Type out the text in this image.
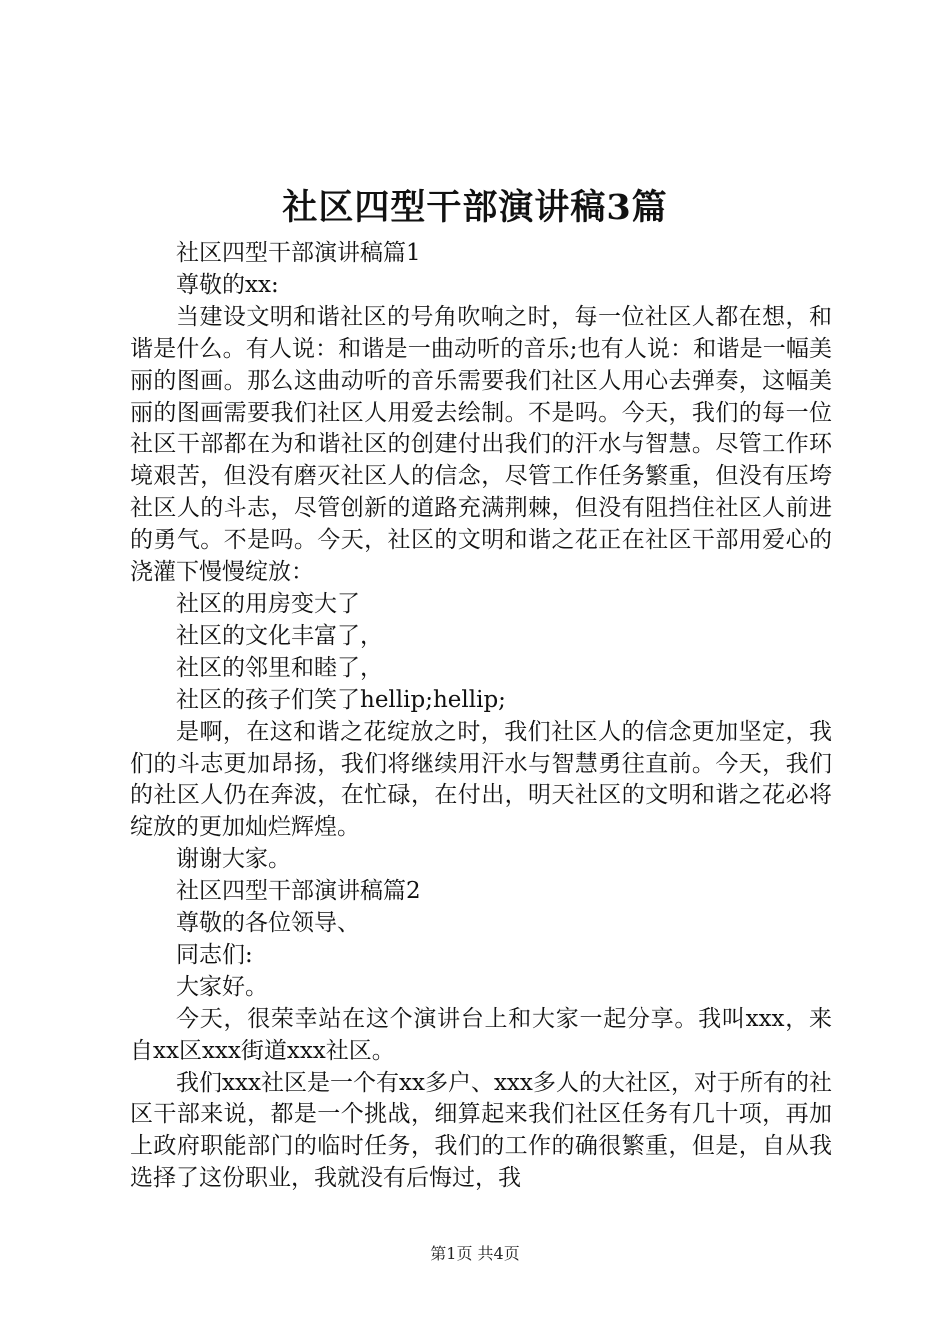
社区四型干部演讲稿3篇

社区四型干部演讲稿篇1

尊敬的xx:

当建设文明和谐社区的号角吹响之时，每一位社区人都在想，和谐是什么。有人说：和谐是一曲动听的音乐;也有人说：和谐是一幅美丽的图画。那么这曲动听的音乐需要我们社区人用心去弹奏，这幅美丽的图画需要我们社区人用爱去绘制。不是吗。今天，我们的每一位社区干部都在为和谐社区的创建付出我们的汗水与智慧。尽管工作环境艰苦，但没有磨灭社区人的信念，尽管工作任务繁重，但没有压垮社区人的斗志，尽管创新的道路充满荆棘，但没有阻挡住社区人前进的勇气。不是吗。今天，社区的文明和谐之花正在社区干部用爱心的浇灌下慢慢绽放：

社区的用房变大了

社区的文化丰富了，

社区的邻里和睦了，

社区的孩子们笑了hellip;hellip;

是啊，在这和谐之花绽放之时，我们社区人的信念更加坚定，我们的斗志更加昂扬，我们将继续用汗水与智慧勇往直前。今天，我们的社区人仍在奔波，在忙碌，在付出，明天社区的文明和谐之花必将绽放的更加灿烂辉煌。

谢谢大家。

社区四型干部演讲稿篇2

尊敬的各位领导、

同志们:

大家好。

今天，很荣幸站在这个演讲台上和大家一起分享。我叫xxx，来自xx区xxx街道xxx社区。

我们xxx社区是一个有xx多户、xxx多人的大社区，对于所有的社区干部来说，都是一个挑战，细算起来我们社区任务有几十项，再加上政府职能部门的临时任务，我们的工作的确很繁重，但是，自从我选择了这份职业，我就没有后悔过，我

第1页 共4页
